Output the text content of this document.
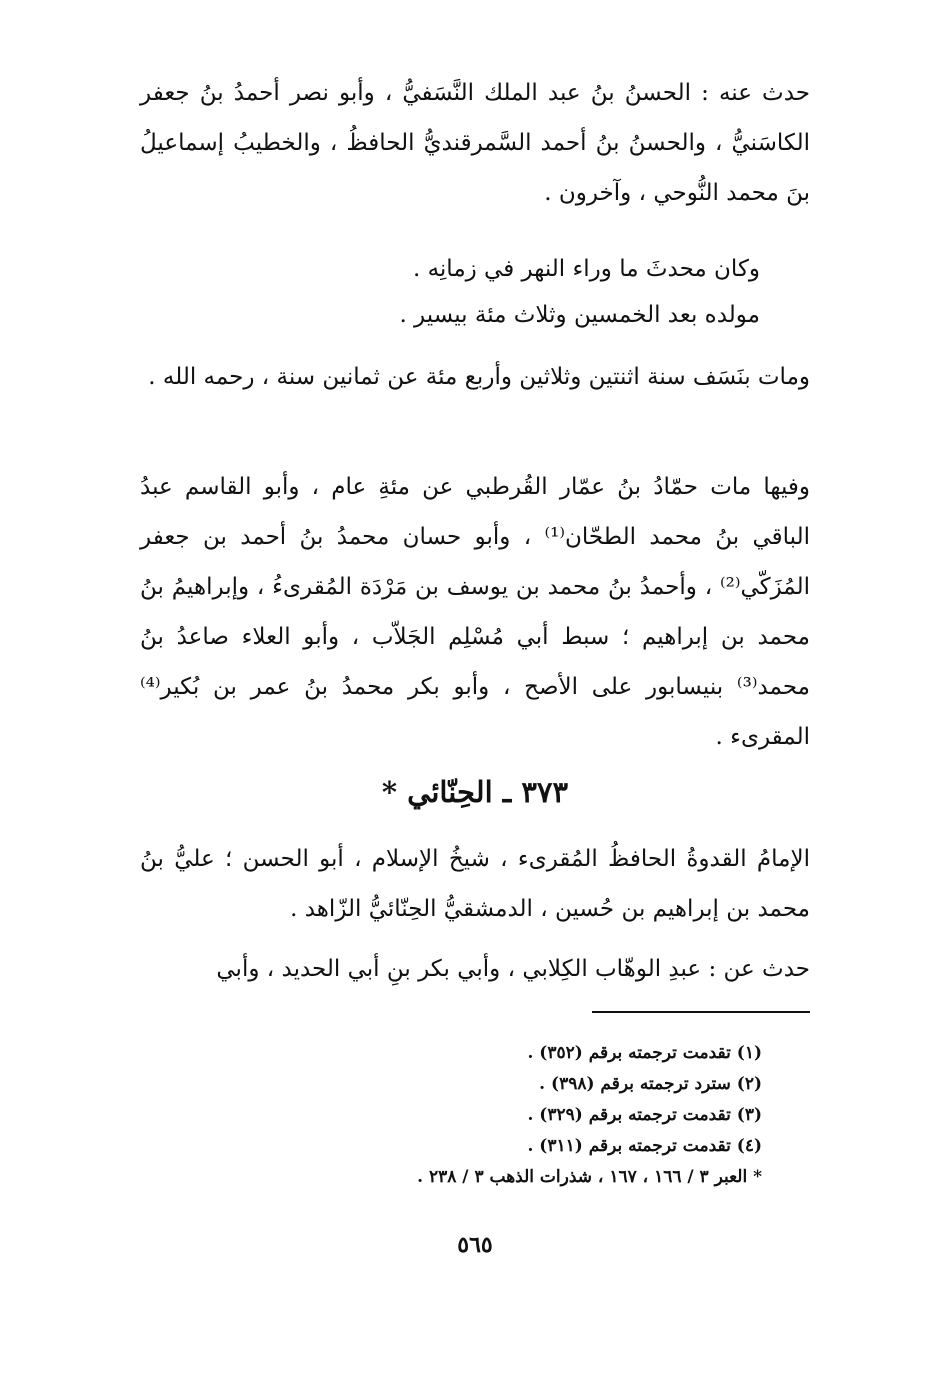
حدث عنه : الحسنُ بنُ عبد الملك النَّسَفيُّ ، وأبو نصر أحمدُ بنُ جعفر الكاسَنيُّ ، والحسنُ بنُ أحمد السَّمرقنديُّ الحافظُ ، والخطيبُ إسماعيلُ بنَ محمد النُّوحي ، وآخرون .

وكان محدثَ ما وراء النهر في زمانِه .

مولده بعد الخمسين وثلاث مئة بيسير .

ومات بنَسَف سنة اثنتين وثلاثين وأربع مئة عن ثمانين سنة ، رحمه الله .

وفيها مات حمّادُ بنُ عمّار القُرطبي عن مئةِ عام ، وأبو القاسم عبدُ الباقي بنُ محمد الطحّان⁽¹⁾ ، وأبو حسان محمدُ بنُ أحمد بن جعفر المُزَكّي⁽²⁾ ، وأحمدُ بنُ محمد بن يوسف بن مَرْدَة المُقرىءُ ، وإبراهيمُ بنُ محمد بن إبراهيم ؛ سبط أبي مُسْلِم الجَلاّب ، وأبو العلاء صاعدُ بنُ محمد⁽³⁾ بنيسابور على الأصح ، وأبو بكر محمدُ بنُ عمر بن بُكير⁽⁴⁾ المقرىء .

٣٧٣ ـ الحِنّائي *

الإمامُ القدوةُ الحافظُ المُقرىء ، شيخُ الإسلام ، أبو الحسن ؛ عليُّ بنُ محمد بن إبراهيم بن حُسين ، الدمشقيُّ الحِنّائيُّ الزّاهد .

حدث عن : عبدِ الوهّاب الكِلابي ، وأبي بكر بنِ أبي الحديد ، وأبي

(١) تقدمت ترجمته برقم (٣٥٢) .

(٢) سترد ترجمته برقم (٣٩٨) .

(٣) تقدمت ترجمته برقم (٣٢٩) .

(٤) تقدمت ترجمته برقم (٣١١) .

* العبر ٣ / ١٦٦ ، ١٦٧ ، شذرات الذهب ٣ / ٢٣٨ .

٥٦٥
